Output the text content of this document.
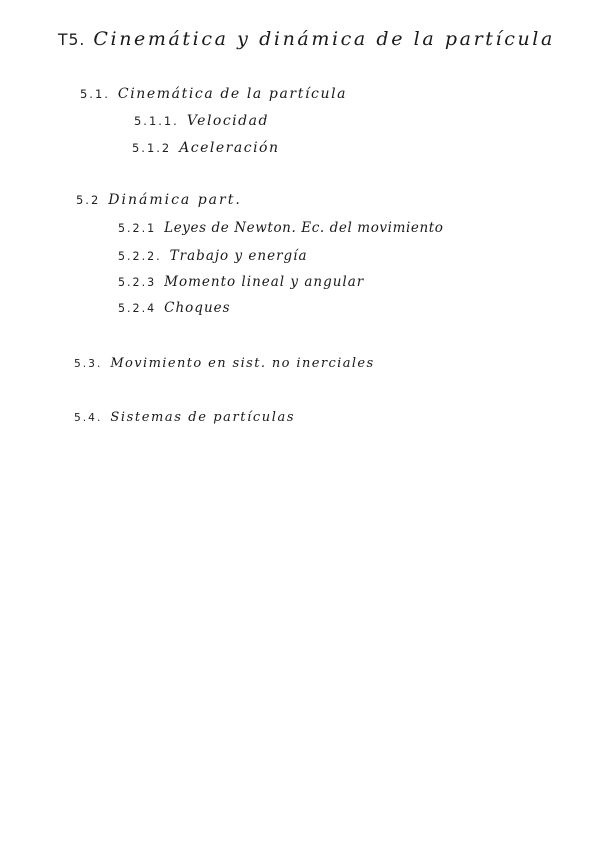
T5. Cinemática y dinámica de la partícula
5.1. Cinemática de la partícula
5.1.1. Velocidad
5.1.2 Aceleración
5.2 Dinámica part.
5.2.1 Leyes de Newton. Ec. del movimiento
5.2.2. Trabajo y energía
5.2.3 Momento lineal y angular
5.2.4 Choques
5.3. Movimiento en sist. no inerciales
5.4. Sistemas de partículas
